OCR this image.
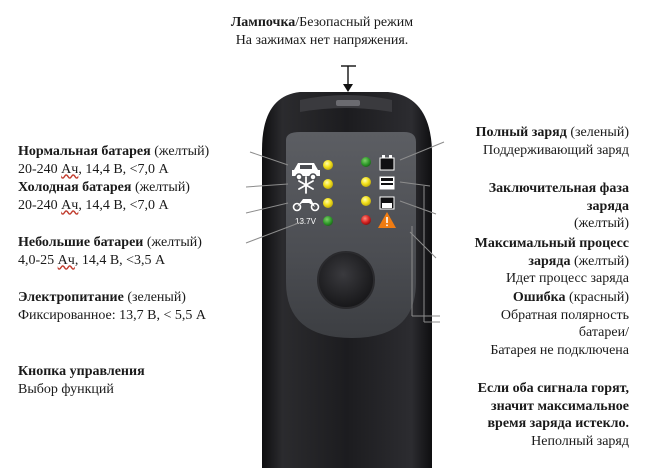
13.7V
Лампочка/Безопасный режим
На зажимах нет напряжения.
Нормальная батарея (желтый)
20-240 Ач, 14,4 В, <7,0 А
Холодная батарея (желтый)
20-240 Ач, 14,4 В, <7,0 А
Небольшие батареи (желтый)
4,0-25 Ач, 14,4 В, <3,5 А
Электропитание (зеленый)
Фиксированное: 13,7 В, < 5,5 А
Кнопка управления
Выбор функций
Полный заряд (зеленый)
Поддерживающий заряд
Заключительная фаза
заряда
(желтый)
Максимальный процесс
заряда (желтый)
Идет процесс заряда
Ошибка (красный)
Обратная полярность
батареи/
Батарея не подключена
Если оба сигнала горят,
значит максимальное
время заряда истекло.
Неполный заряд
